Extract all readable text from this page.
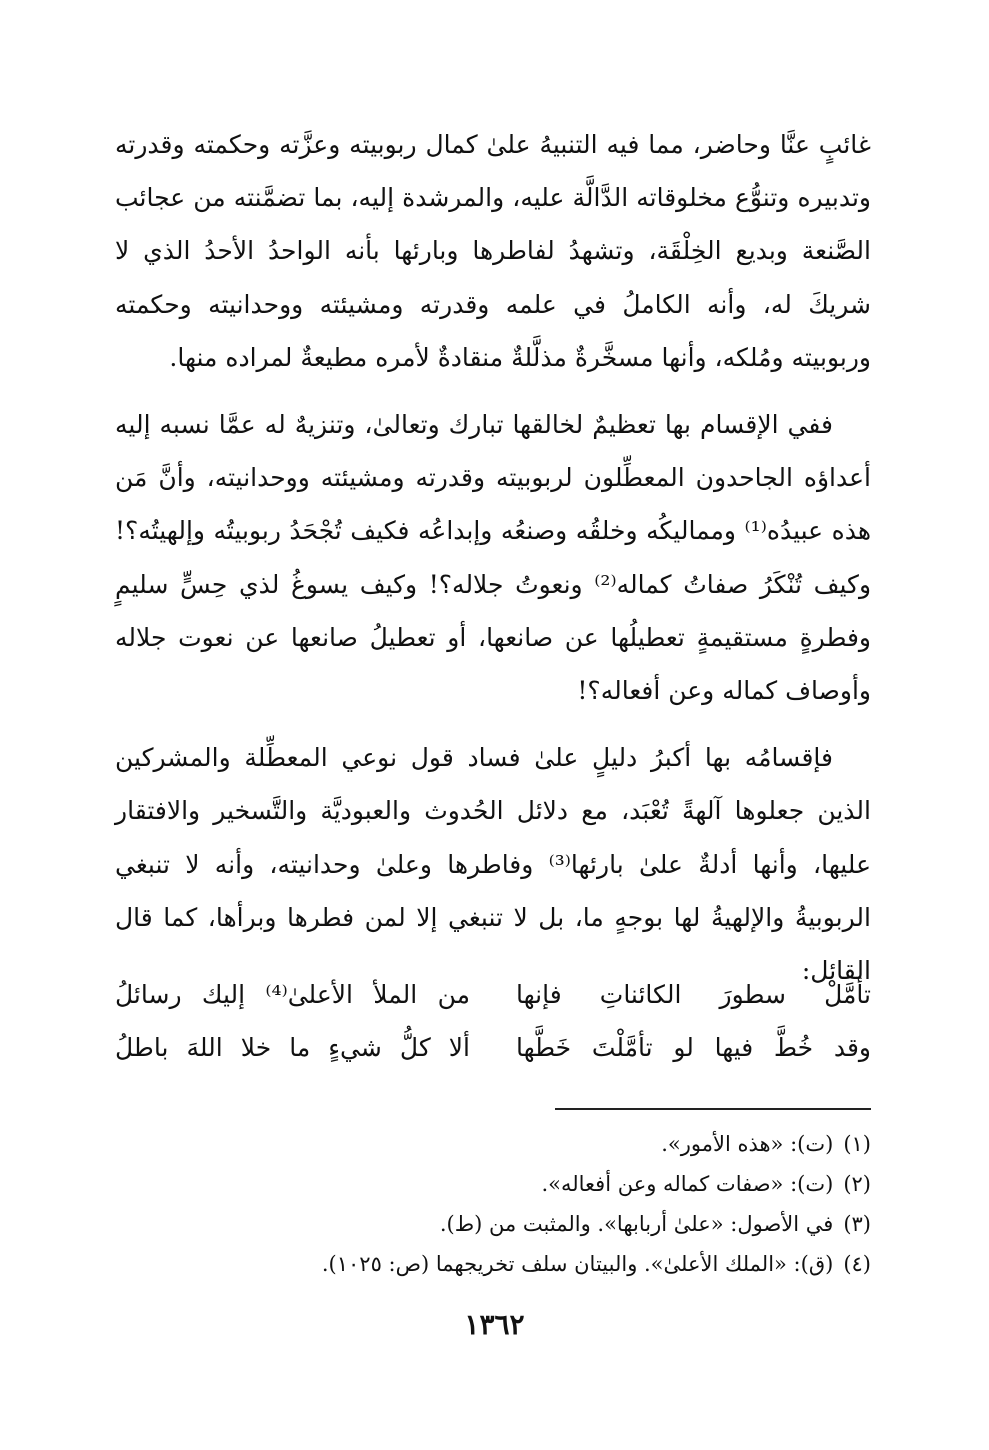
غائبٍ عنَّا وحاضر، مما فيه التنبيهُ علىٰ كمال ربوبيته وعزَّته وحكمته وقدرته وتدبيره وتنوُّع مخلوقاته الدَّالَّة عليه، والمرشدة إليه، بما تضمَّنته من عجائب الصَّنعة وبديع الخِلْقَة، وتشهدُ لفاطرها وبارئها بأنه الواحدُ الأحدُ الذي لا شريكَ له، وأنه الكاملُ في علمه وقدرته ومشيئته ووحدانيته وحكمته وربوبيته ومُلكه، وأنها مسخَّرةٌ مذلَّلةٌ منقادةٌ لأمره مطيعةٌ لمراده منها.

ففي الإقسام بها تعظيمٌ لخالقها تبارك وتعالىٰ، وتنزيهٌ له عمَّا نسبه إليه أعداؤه الجاحدون المعطِّلون لربوبيته وقدرته ومشيئته ووحدانيته، وأنَّ مَن هذه عبيدُه⁽¹⁾ ومماليكُه وخلقُه وصنعُه وإبداعُه فكيف تُجْحَدُ ربوبيتُه وإلهيتُه؟! وكيف تُنْكَرُ صفاتُ كماله⁽²⁾ ونعوتُ جلاله؟! وكيف يسوغُ لذي حِسٍّ سليمٍ وفطرةٍ مستقيمةٍ تعطيلُها عن صانعها، أو تعطيلُ صانعها عن نعوت جلاله وأوصاف كماله وعن أفعاله؟!

فإقسامُه بها أكبرُ دليلٍ علىٰ فساد قول نوعي المعطِّلة والمشركين الذين جعلوها آلهةً تُعْبَد، مع دلائل الحُدوث والعبوديَّة والتَّسخير والافتقار عليها، وأنها أدلةٌ علىٰ بارئها⁽³⁾ وفاطرها وعلىٰ وحدانيته، وأنه لا تنبغي الربوبيةُ والإلهيةُ لها بوجهٍ ما، بل لا تنبغي إلا لمن فطرها وبرأها، كما قال القائل:

تأمَّلْ سطورَ الكائناتِ فإنها
من الملأ الأعلىٰ⁽⁴⁾ إليك رسائلُ
وقد خُطَّ فيها لو تأمَّلْتَ خَطَّها
ألا كلُّ شيءٍ ما خلا اللهَ باطلُ
(١)(ت): «هذه الأمور».
(٢)(ت): «صفات كماله وعن أفعاله».
(٣)في الأصول: «علىٰ أربابها». والمثبت من (ط).
(٤)(ق): «الملك الأعلىٰ». والبيتان سلف تخريجهما (ص: ١٠٢٥).
١٣٦٢
